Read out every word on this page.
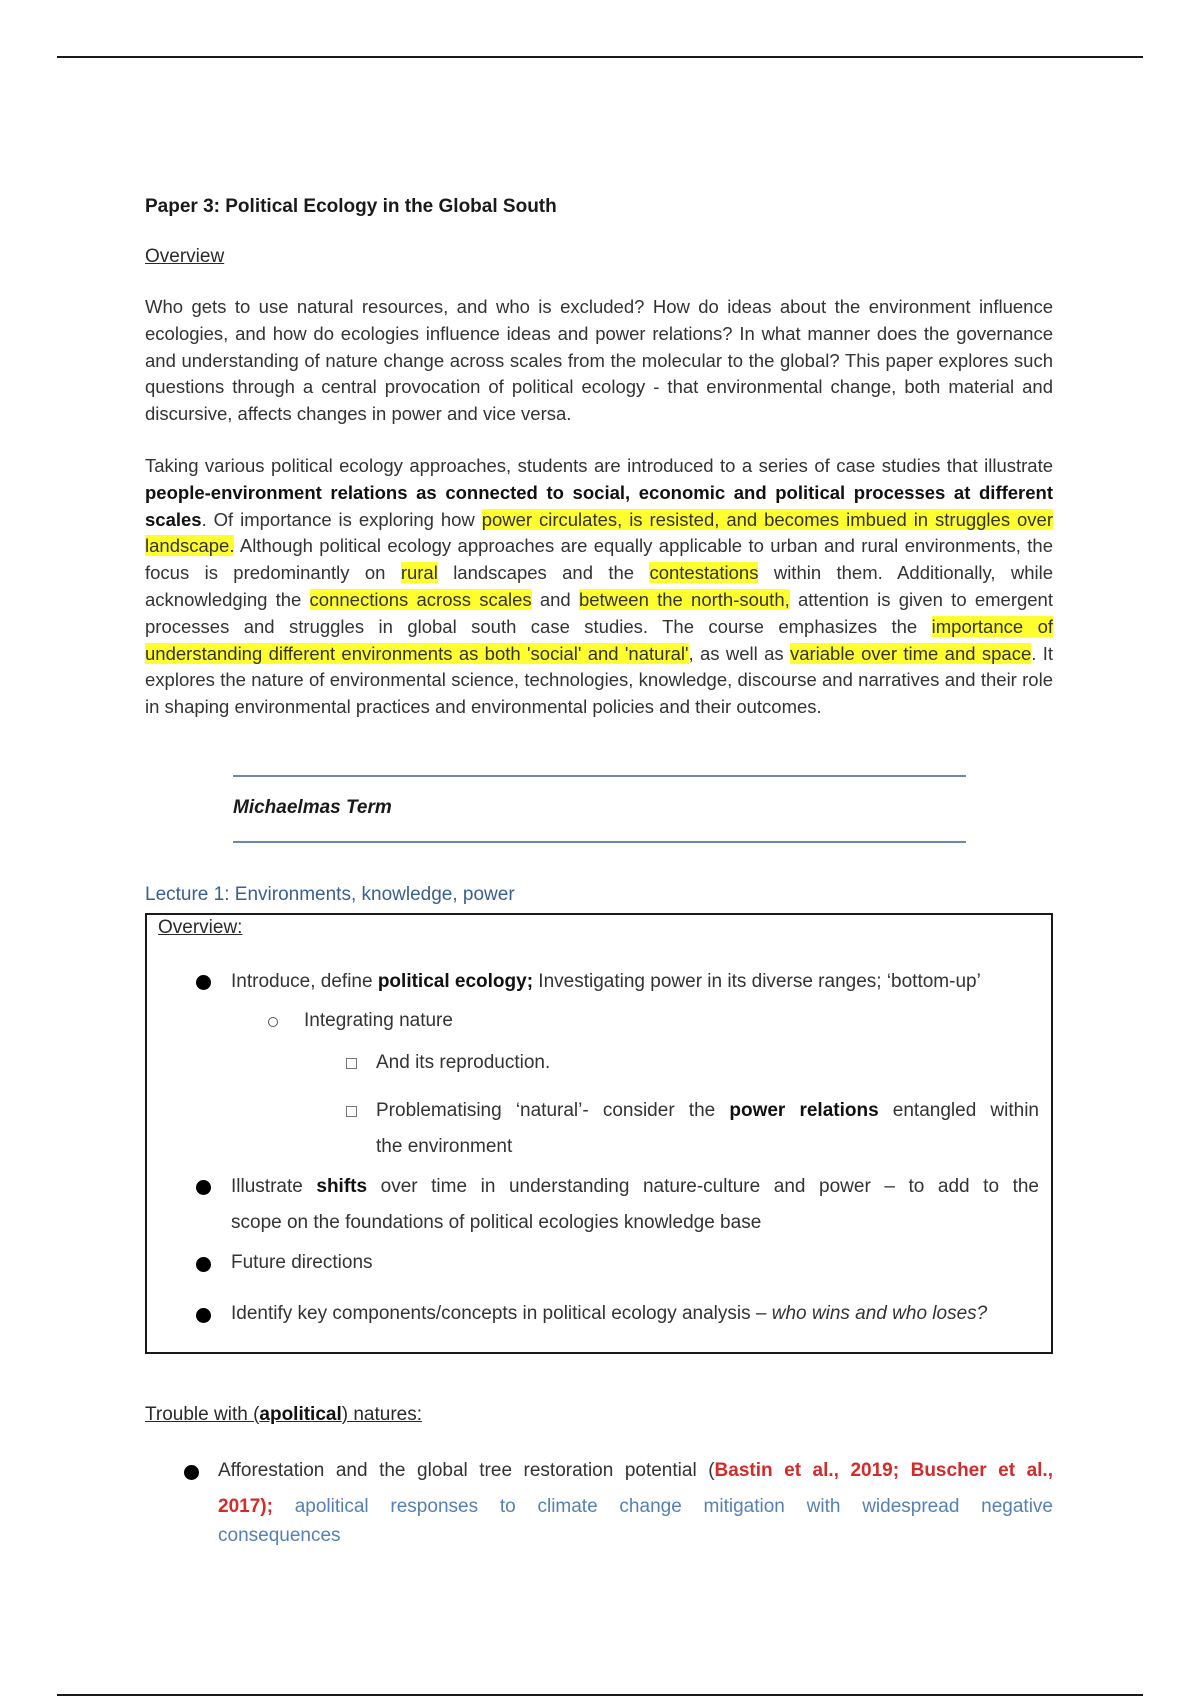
Paper 3: Political Ecology in the Global South
Overview
Who gets to use natural resources, and who is excluded? How do ideas about the environment influence ecologies, and how do ecologies influence ideas and power relations? In what manner does the governance and understanding of nature change across scales from the molecular to the global? This paper explores such questions through a central provocation of political ecology - that environmental change, both material and discursive, affects changes in power and vice versa.
Taking various political ecology approaches, students are introduced to a series of case studies that illustrate people-environment relations as connected to social, economic and political processes at different scales. Of importance is exploring how power circulates, is resisted, and becomes imbued in struggles over landscape. Although political ecology approaches are equally applicable to urban and rural environments, the focus is predominantly on rural landscapes and the contestations within them. Additionally, while acknowledging the connections across scales and between the north-south, attention is given to emergent processes and struggles in global south case studies. The course emphasizes the importance of understanding different environments as both 'social' and 'natural', as well as variable over time and space. It explores the nature of environmental science, technologies, knowledge, discourse and narratives and their role in shaping environmental practices and environmental policies and their outcomes.
Michaelmas Term
Lecture 1: Environments, knowledge, power
Overview:
Introduce, define political ecology; Investigating power in its diverse ranges; ‘bottom-up’
Integrating nature
And its reproduction.
Problematising ‘natural’- consider the power relations entangled within
the environment
Illustrate shifts over time in understanding nature-culture and power – to add to the
scope on the foundations of political ecologies knowledge base
Future directions
Identify key components/concepts in political ecology analysis – who wins and who loses?
Trouble with (apolitical) natures:
Afforestation and the global tree restoration potential (Bastin et al., 2019; Buscher et al.,
2017); apolitical responses to climate change mitigation with widespread negative
consequences
